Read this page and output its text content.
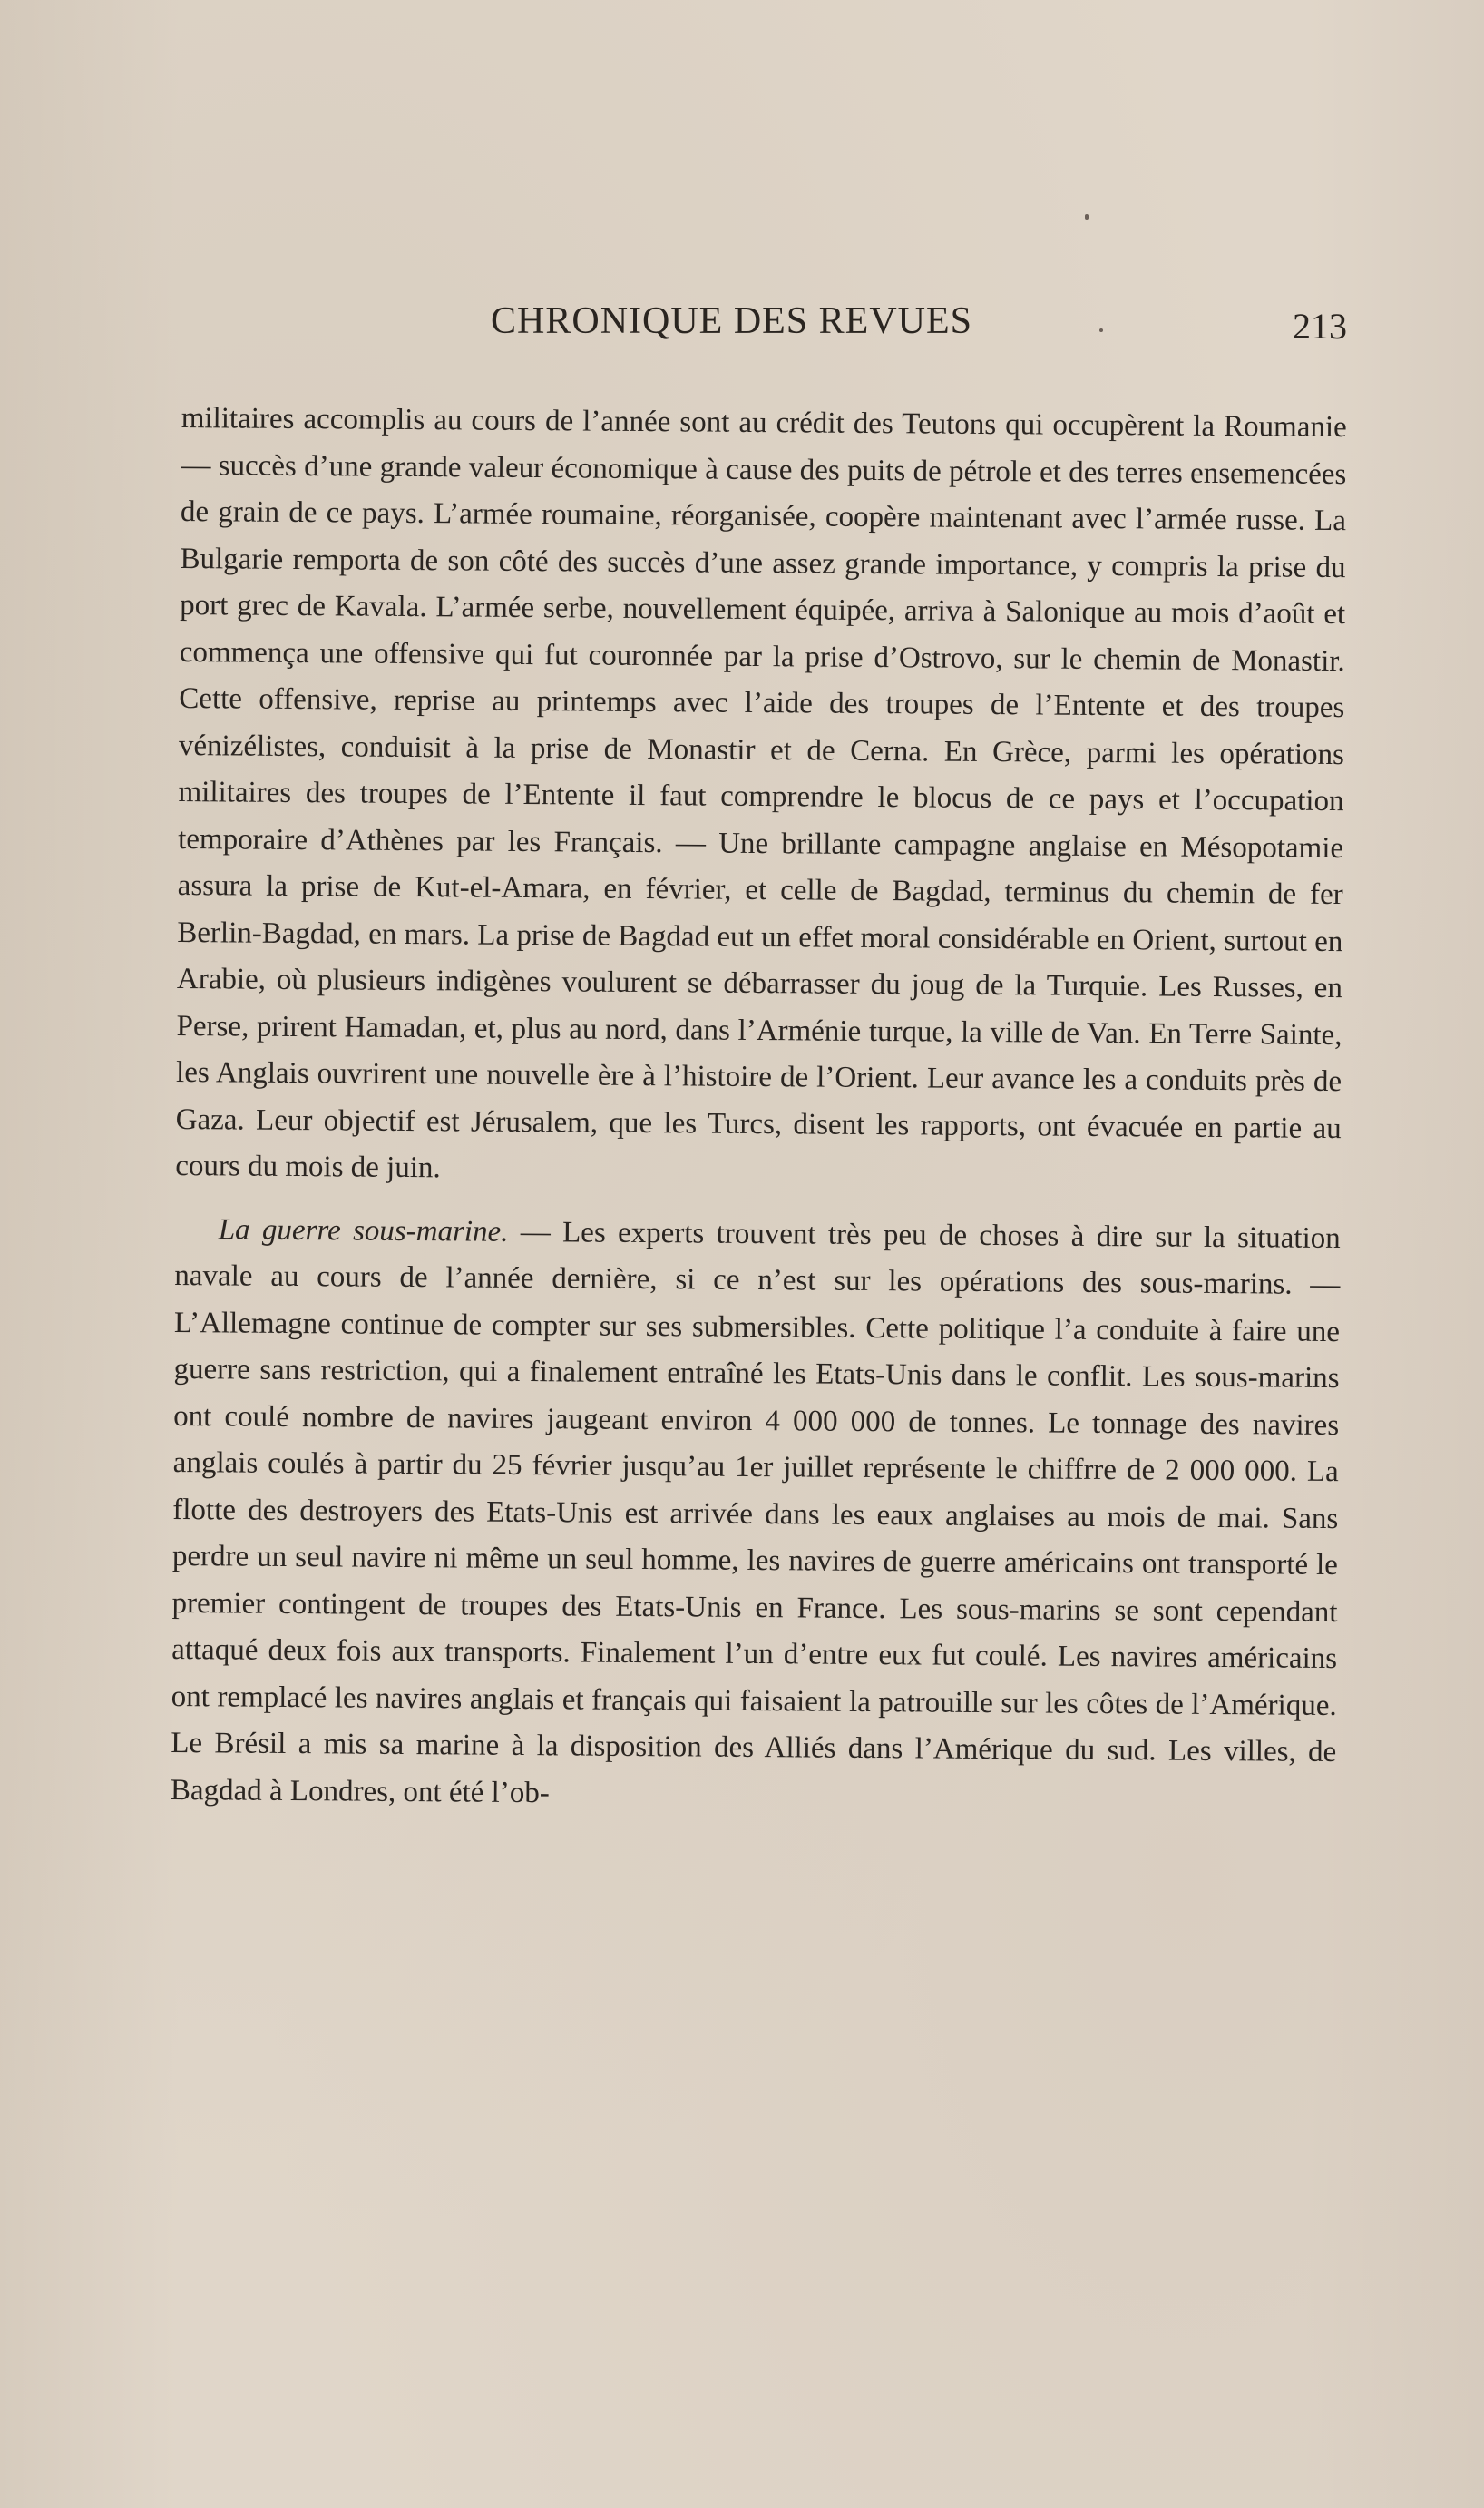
CHRONIQUE DES REVUES	213

militaires accomplis au cours de l’année sont au crédit des Teutons qui occupèrent la Roumanie — succès d’une grande valeur économique à cause des puits de pétrole et des terres ensemencées de grain de ce pays. L’armée roumaine, réorganisée, coopère maintenant avec l’armée russe. La Bulgarie remporta de son côté des succès d’une assez grande importance, y compris la prise du port grec de Kavala. L’armée serbe, nouvellement équipée, arriva à Salonique au mois d’août et commença une offensive qui fut couronnée par la prise d’Ostrovo, sur le chemin de Monastir. Cette offensive, reprise au printemps avec l’aide des troupes de l’Entente et des troupes vénizélistes, conduisit à la prise de Monastir et de Cerna. En Grèce, parmi les opérations militaires des troupes de l’Entente il faut comprendre le blocus de ce pays et l’occupation temporaire d’Athènes par les Français. — Une brillante campagne anglaise en Mésopotamie assura la prise de Kut-el-Amara, en février, et celle de Bagdad, terminus du chemin de fer Berlin-Bagdad, en mars. La prise de Bagdad eut un effet moral considérable en Orient, surtout en Arabie, où plusieurs indigènes voulurent se débarrasser du joug de la Turquie. Les Russes, en Perse, prirent Hamadan, et, plus au nord, dans l’Arménie turque, la ville de Van. En Terre Sainte, les Anglais ouvrirent une nouvelle ère à l’histoire de l’Orient. Leur avance les a conduits près de Gaza. Leur objectif est Jérusalem, que les Turcs, disent les rapports, ont évacuée en partie au cours du mois de juin.

La guerre sous-marine. — Les experts trouvent très peu de choses à dire sur la situation navale au cours de l’année dernière, si ce n’est sur les opérations des sous-marins. — L’Allemagne continue de compter sur ses submersibles. Cette politique l’a conduite à faire une guerre sans restriction, qui a finalement entraîné les Etats-Unis dans le conflit. Les sous-marins ont coulé nombre de navires jaugeant environ 4 000 000 de tonnes. Le tonnage des navires anglais coulés à partir du 25 février jusqu’au 1er juillet représente le chiffrre de 2 000 000. La flotte des destroyers des Etats-Unis est arrivée dans les eaux anglaises au mois de mai. Sans perdre un seul navire ni même un seul homme, les navires de guerre américains ont transporté le premier contingent de troupes des Etats-Unis en France. Les sous-marins se sont cependant attaqué deux fois aux transports. Finalement l’un d’entre eux fut coulé. Les navires américains ont remplacé les navires anglais et français qui faisaient la patrouille sur les côtes de l’Amérique. Le Brésil a mis sa marine à la disposition des Alliés dans l’Amérique du sud. Les villes, de Bagdad à Londres, ont été l’ob-
